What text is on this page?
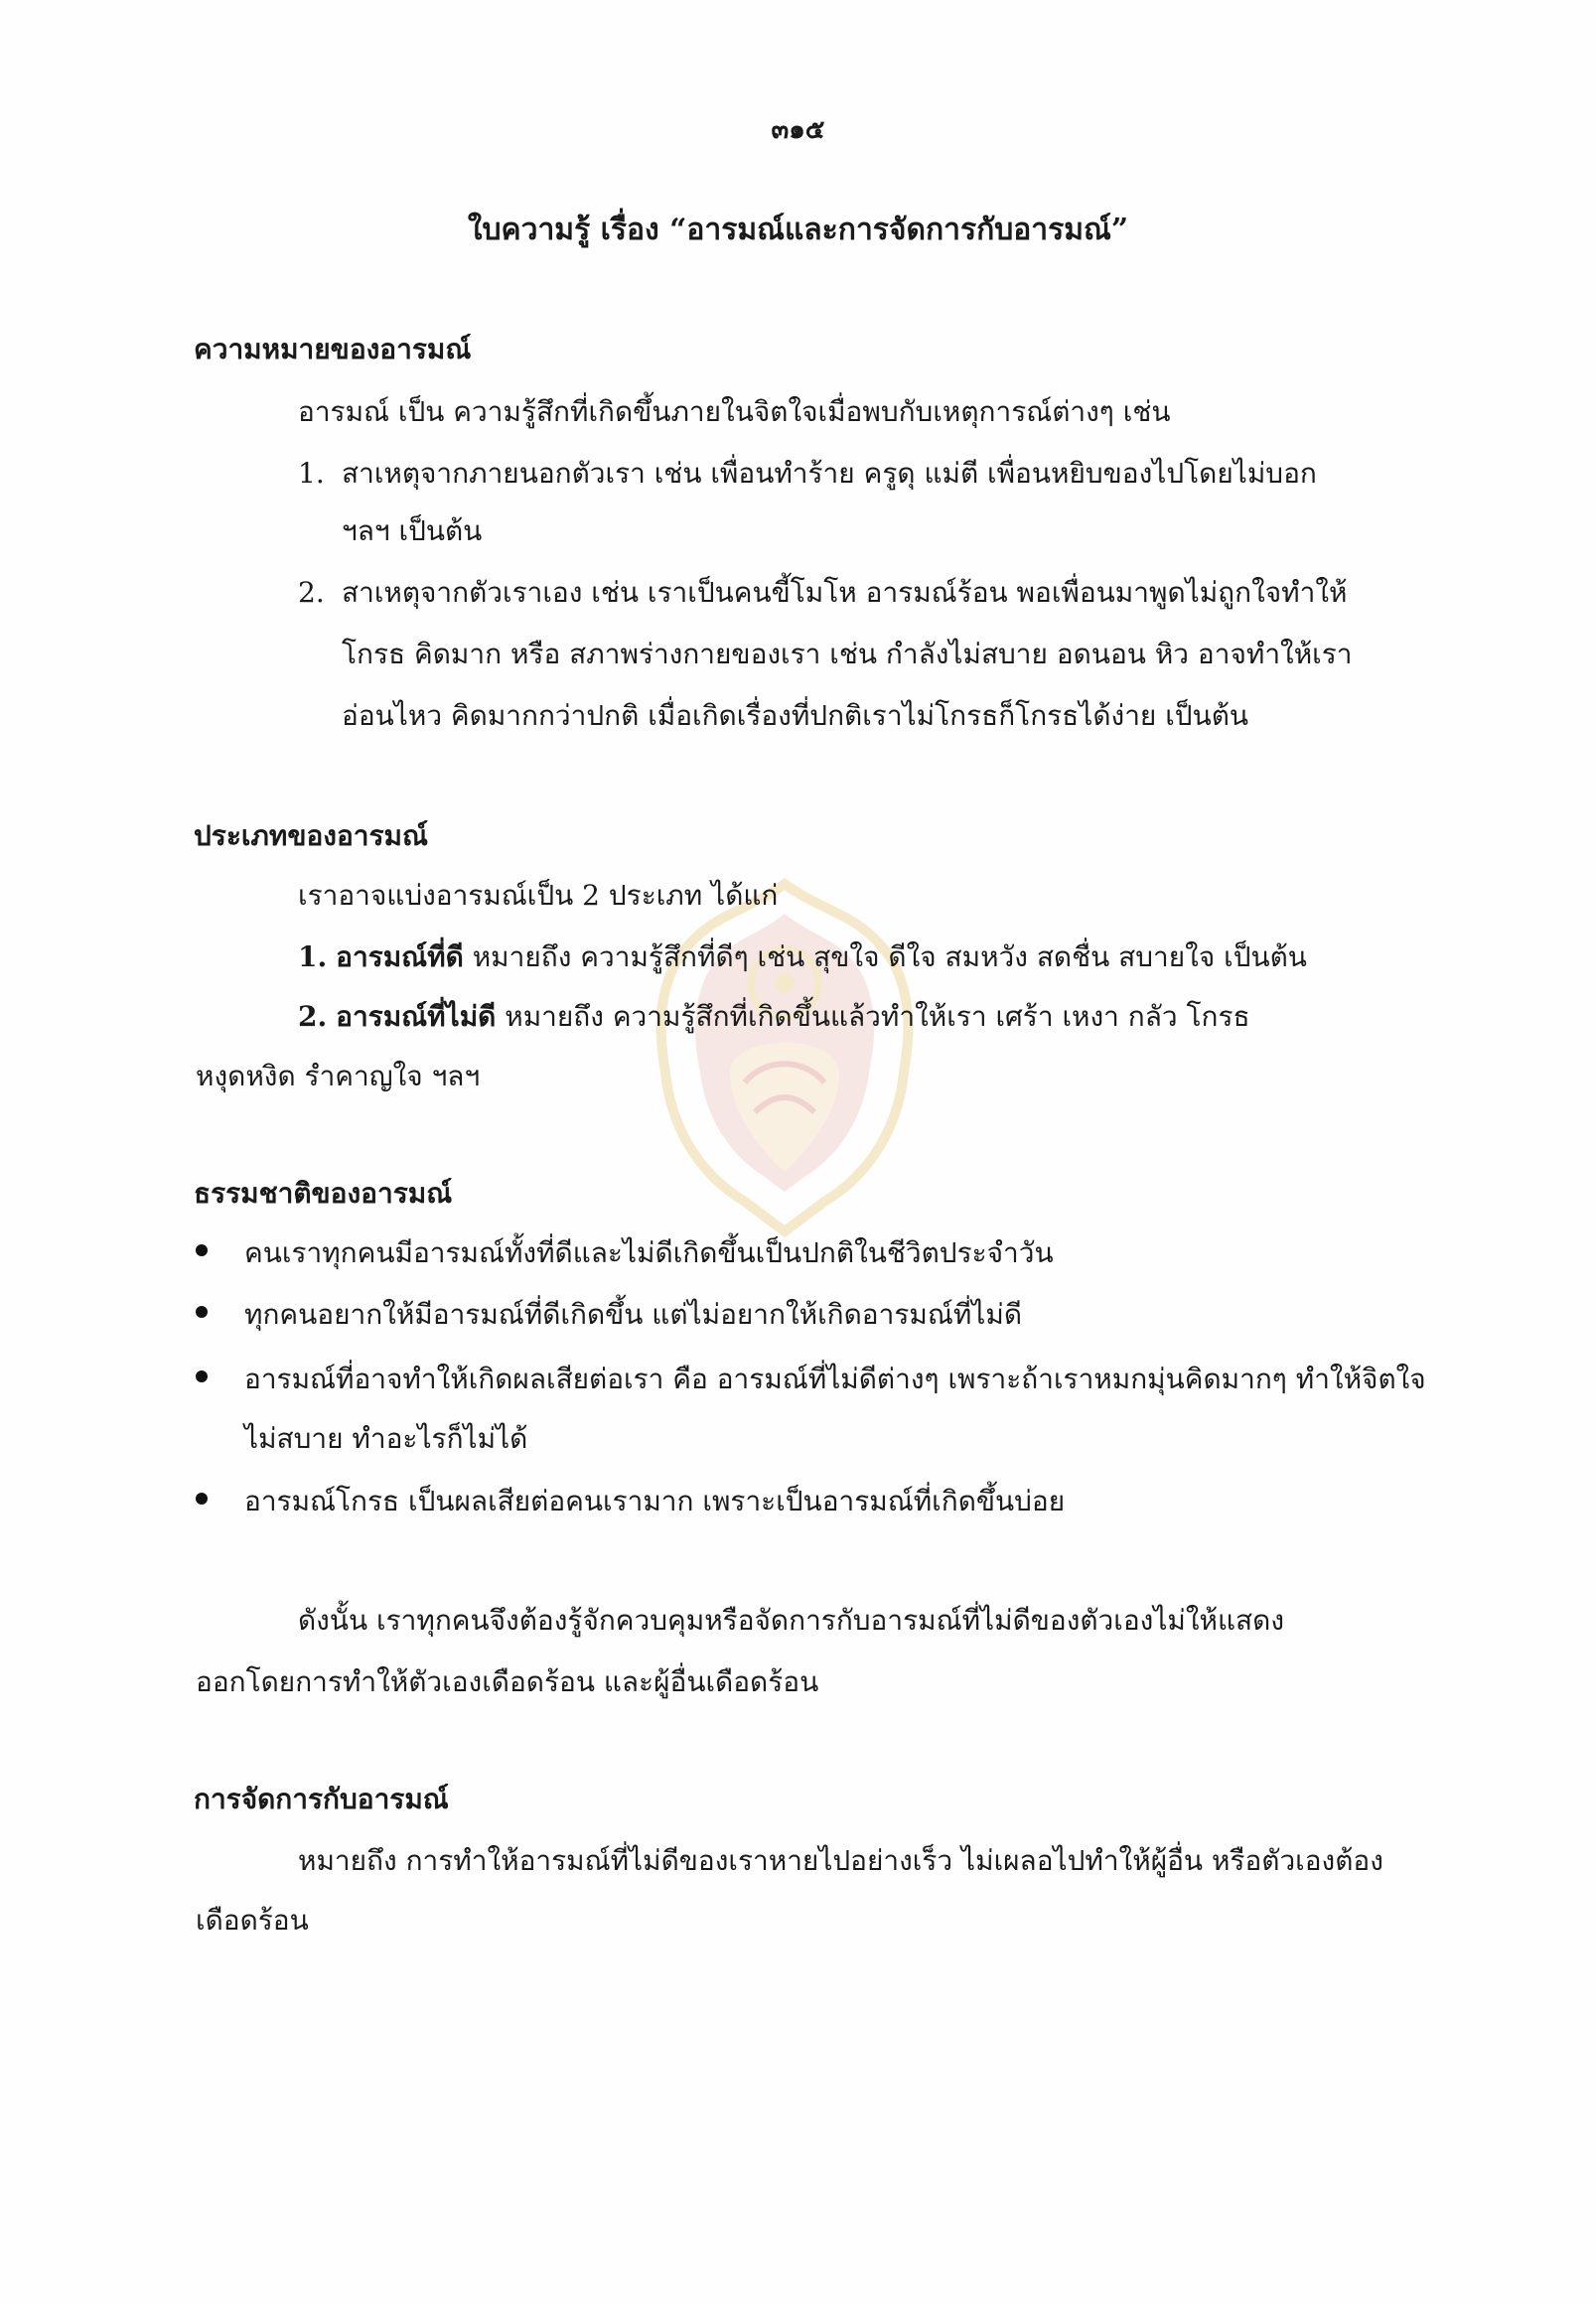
๓๑๕
ใบความรู้ เรื่อง “อารมณ์และการจัดการกับอารมณ์”
ความหมายของอารมณ์
อารมณ์ เป็น ความรู้สึกที่เกิดขึ้นภายในจิตใจเมื่อพบกับเหตุการณ์ต่างๆ เช่น
1. สาเหตุจากภายนอกตัวเรา เช่น เพื่อนทำร้าย ครูดุ แม่ตี เพื่อนหยิบของไปโดยไม่บอก
ฯลฯ เป็นต้น
2. สาเหตุจากตัวเราเอง เช่น เราเป็นคนขี้โมโห อารมณ์ร้อน พอเพื่อนมาพูดไม่ถูกใจทำให้
โกรธ คิดมาก หรือ สภาพร่างกายของเรา เช่น กำลังไม่สบาย อดนอน หิว อาจทำให้เรา
อ่อนไหว คิดมากกว่าปกติ เมื่อเกิดเรื่องที่ปกติเราไม่โกรธก็โกรธได้ง่าย เป็นต้น
ประเภทของอารมณ์
เราอาจแบ่งอารมณ์เป็น 2 ประเภท ได้แก่
1. อารมณ์ที่ดี หมายถึง ความรู้สึกที่ดีๆ เช่น สุขใจ ดีใจ สมหวัง สดชื่น สบายใจ เป็นต้น
2. อารมณ์ที่ไม่ดี หมายถึง ความรู้สึกที่เกิดขึ้นแล้วทำให้เรา เศร้า เหงา กลัว โกรธ
หงุดหงิด รำคาญใจ ฯลฯ
ธรรมชาติของอารมณ์
คนเราทุกคนมีอารมณ์ทั้งที่ดีและไม่ดีเกิดขึ้นเป็นปกติในชีวิตประจำวัน
ทุกคนอยากให้มีอารมณ์ที่ดีเกิดขึ้น แต่ไม่อยากให้เกิดอารมณ์ที่ไม่ดี
อารมณ์ที่อาจทำให้เกิดผลเสียต่อเรา คือ อารมณ์ที่ไม่ดีต่างๆ เพราะถ้าเราหมกมุ่นคิดมากๆ ทำให้จิตใจ
ไม่สบาย ทำอะไรก็ไม่ได้
อารมณ์โกรธ เป็นผลเสียต่อคนเรามาก เพราะเป็นอารมณ์ที่เกิดขึ้นบ่อย
ดังนั้น เราทุกคนจึงต้องรู้จักควบคุมหรือจัดการกับอารมณ์ที่ไม่ดีของตัวเองไม่ให้แสดง
ออกโดยการทำให้ตัวเองเดือดร้อน และผู้อื่นเดือดร้อน
การจัดการกับอารมณ์
หมายถึง การทำให้อารมณ์ที่ไม่ดีของเราหายไปอย่างเร็ว ไม่เผลอไปทำให้ผู้อื่น หรือตัวเองต้อง
เดือดร้อน
